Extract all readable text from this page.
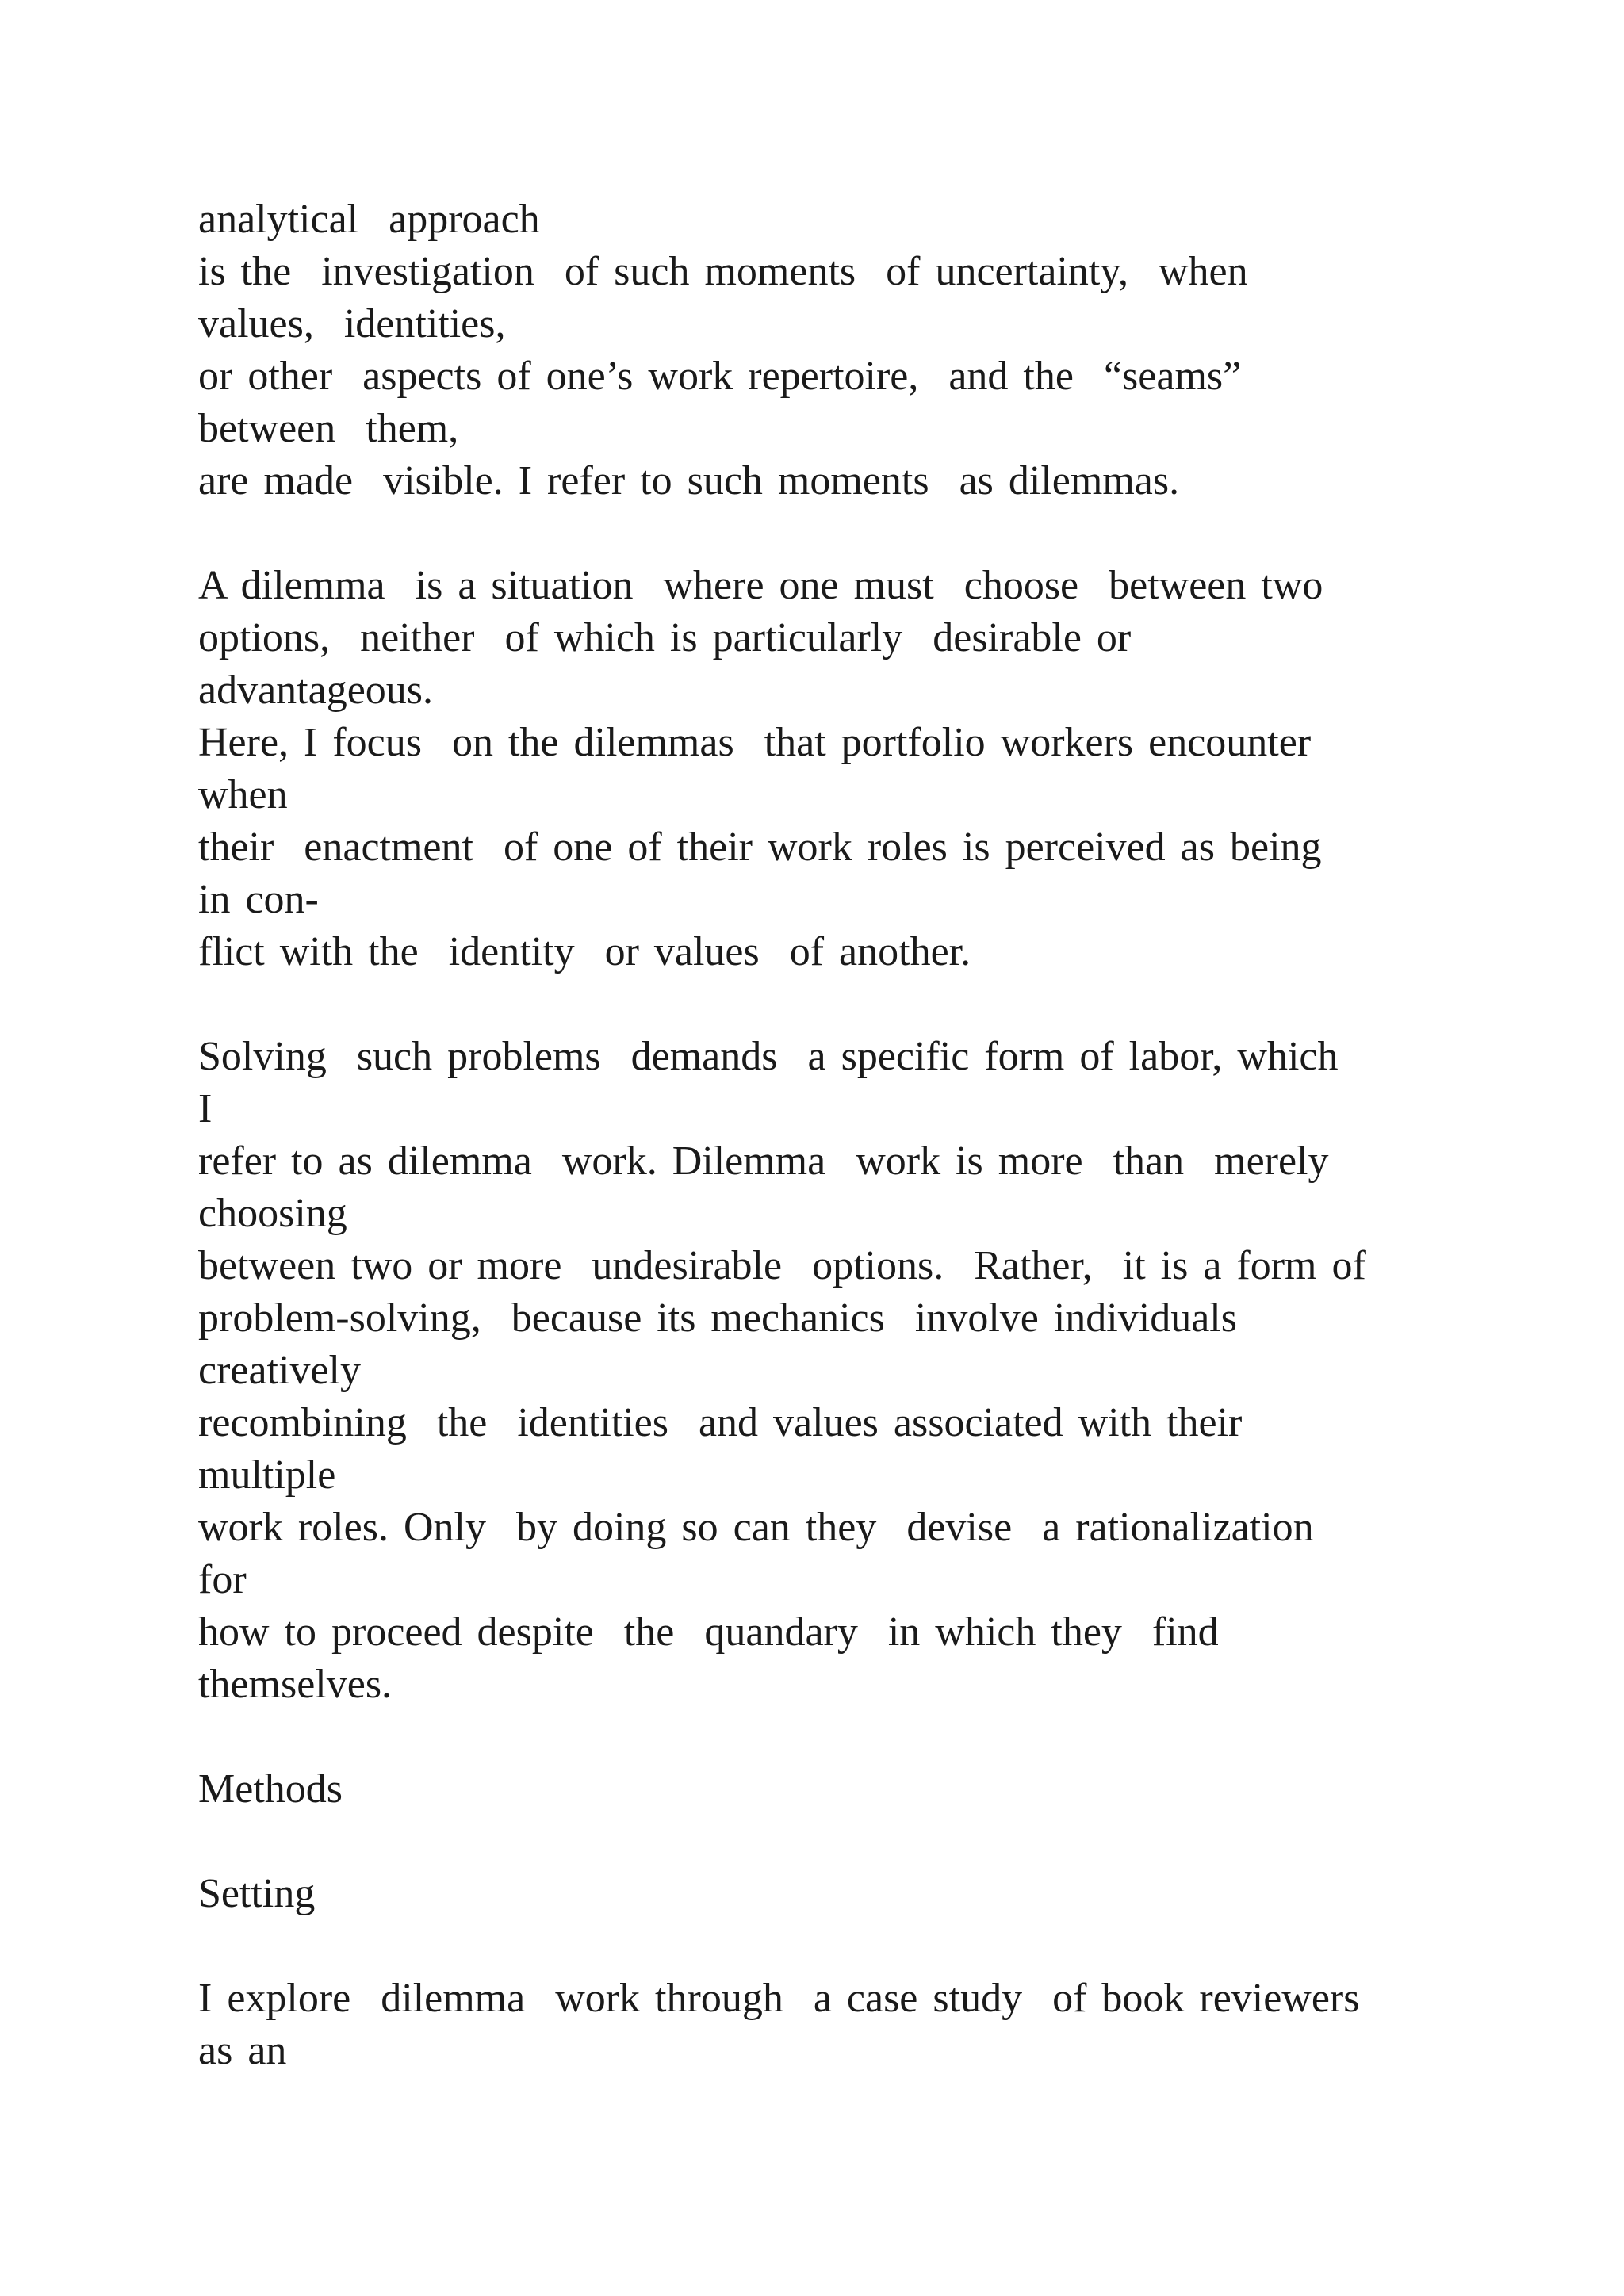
analytical  approach
is the  investigation  of such moments  of uncertainty,  when
values,  identities,
or other  aspects of one’s work repertoire,  and the  “seams”
between  them,
are made  visible. I refer to such moments  as dilemmas.
A dilemma  is a situation  where one must  choose  between two
options,  neither  of which is particularly  desirable or
advantageous.
Here, I focus  on the dilemmas  that portfolio workers encounter
when
their  enactment  of one of their work roles is perceived as being
in con-
flict with the  identity  or values  of another.
Solving  such problems  demands  a specific form of labor, which
I
refer to as dilemma  work. Dilemma  work is more  than  merely
choosing
between two or more  undesirable  options.  Rather,  it is a form of
problem-solving,  because its mechanics  involve individuals
creatively
recombining  the  identities  and values associated with their
multiple
work roles. Only  by doing so can they  devise  a rationalization
for
how to proceed despite  the  quandary  in which they  find
themselves.
Methods
Setting
I explore  dilemma  work through  a case study  of book reviewers
as an
